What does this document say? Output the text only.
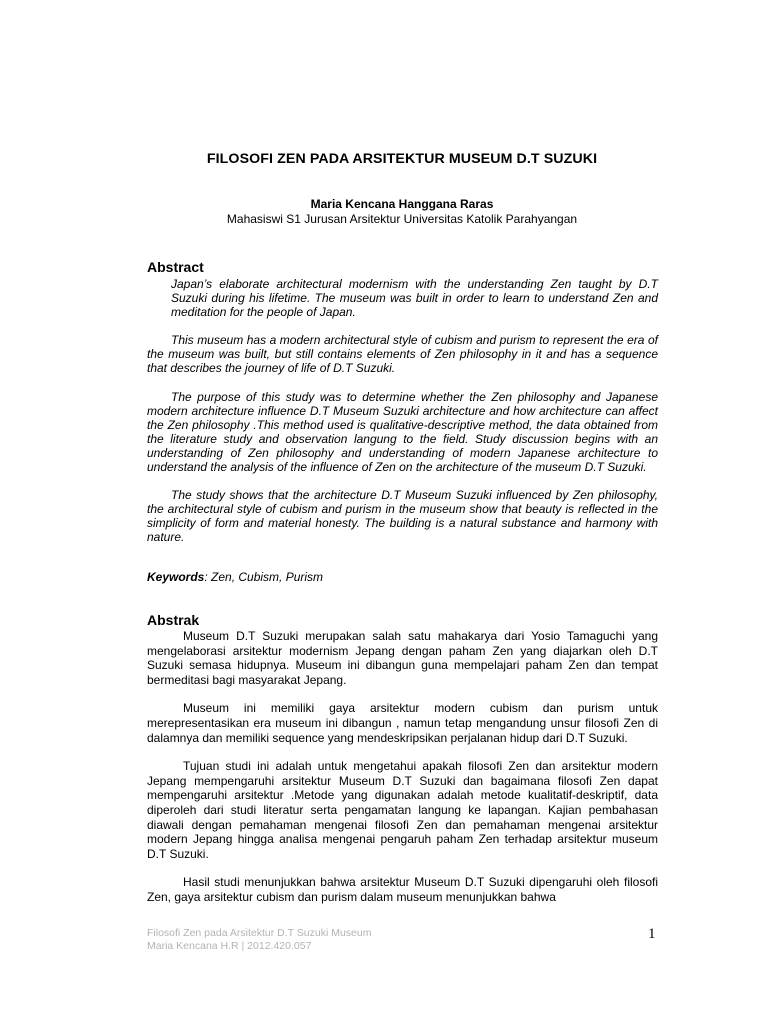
FILOSOFI ZEN PADA ARSITEKTUR MUSEUM D.T SUZUKI
Maria Kencana Hanggana Raras
Mahasiswi S1 Jurusan Arsitektur Universitas Katolik Parahyangan
Abstract

Japan’s elaborate architectural modernism with the understanding Zen taught by D.T Suzuki during his lifetime. The museum was built in order to learn to understand Zen and meditation for the people of Japan.

This museum has a modern architectural style of cubism and purism to represent the era of the museum was built, but still contains elements of Zen philosophy in it and has a sequence that describes the journey of life of D.T Suzuki.

The purpose of this study was to determine whether the Zen philosophy and Japanese modern architecture influence D.T Museum Suzuki architecture and how architecture can affect the Zen philosophy .This method used is qualitative-descriptive method, the data obtained from the literature study and observation langung to the field. Study discussion begins with an understanding of Zen philosophy and understanding of modern Japanese architecture to understand the analysis of the influence of Zen on the architecture of the museum D.T Suzuki.

The study shows that the architecture D.T Museum Suzuki influenced by Zen philosophy, the architectural style of cubism and purism in the museum show that beauty is reflected in the simplicity of form and material honesty. The building is a natural substance and harmony with nature.

Keywords: Zen, Cubism, Purism
Abstrak

Museum D.T Suzuki merupakan salah satu mahakarya dari Yosio Tamaguchi yang mengelaborasi arsitektur modernism Jepang dengan paham Zen yang diajarkan oleh D.T Suzuki semasa hidupnya. Museum ini dibangun guna mempelajari paham Zen dan tempat bermeditasi bagi masyarakat Jepang.

Museum ini memiliki gaya arsitektur modern cubism dan purism untuk merepresentasikan era museum ini dibangun , namun tetap mengandung unsur filosofi Zen di dalamnya dan memiliki sequence yang mendeskripsikan perjalanan hidup dari D.T Suzuki.

Tujuan studi ini adalah untuk mengetahui apakah filosofi Zen dan arsitektur modern Jepang mempengaruhi arsitektur Museum D.T Suzuki dan bagaimana filosofi Zen dapat mempengaruhi arsitektur .Metode yang digunakan adalah metode kualitatif-deskriptif, data diperoleh dari studi literatur serta pengamatan langung ke lapangan. Kajian pembahasan diawali dengan pemahaman mengenai filosofi Zen dan pemahaman mengenai arsitektur modern Jepang hingga analisa mengenai pengaruh paham Zen terhadap arsitektur museum D.T Suzuki.

Hasil studi menunjukkan bahwa arsitektur Museum D.T Suzuki dipengaruhi oleh filosofi Zen, gaya arsitektur cubism dan purism dalam museum menunjukkan bahwa

Filosofi Zen pada Arsitektur D.T Suzuki Museum
Maria Kencana H.R | 2012.420.057
1
